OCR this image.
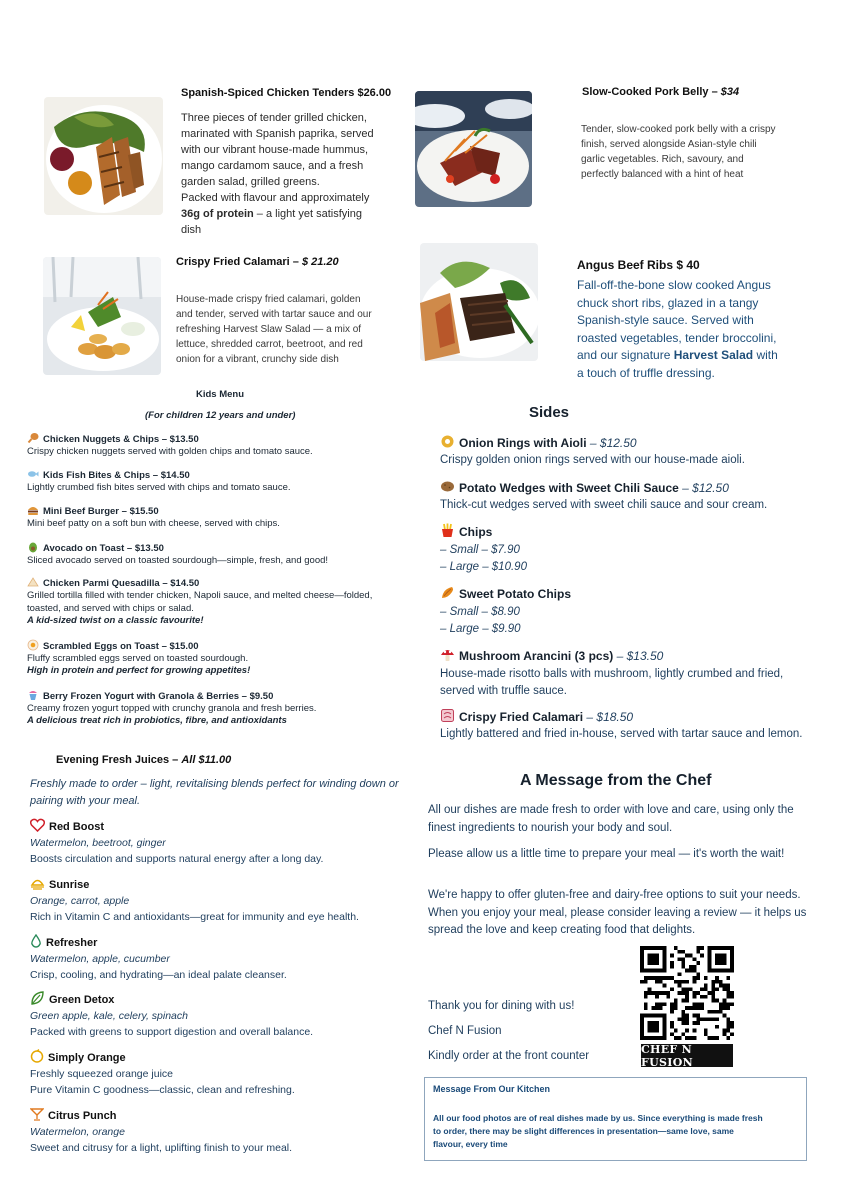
Spanish-Spiced Chicken Tenders $26.00
Three pieces of tender grilled chicken,
marinated with Spanish paprika, served
with our vibrant house-made hummus,
mango cardamom sauce, and a fresh
garden salad, grilled greens.
Packed with flavour and approximately
36g of protein – a light yet satisfying
dish
Slow-Cooked Pork Belly – $34
Tender, slow-cooked pork belly with a crispy
finish, served alongside Asian-style chili
garlic vegetables. Rich, savoury, and
perfectly balanced with a hint of heat
Crispy Fried Calamari – $ 21.20
House-made crispy fried calamari, golden
and tender, served with tartar sauce and our
refreshing Harvest Slaw Salad — a mix of
lettuce, shredded carrot, beetroot, and red
onion for a vibrant, crunchy side dish
Angus Beef Ribs $ 40
Fall-off-the-bone slow cooked Angus
chuck short ribs, glazed in a tangy
Spanish-style sauce. Served with
roasted vegetables, tender broccolini,
and our signature Harvest Salad with
a touch of truffle dressing.
Kids Menu
(For children 12 years and under)
Chicken Nuggets & Chips – $13.50
Crispy chicken nuggets served with golden chips and tomato sauce.
Kids Fish Bites & Chips – $14.50
Lightly crumbed fish bites served with chips and tomato sauce.
Mini Beef Burger – $15.50
Mini beef patty on a soft bun with cheese, served with chips.
Avocado on Toast – $13.50
Sliced avocado served on toasted sourdough—simple, fresh, and good!
Chicken Parmi Quesadilla – $14.50
Grilled tortilla filled with tender chicken, Napoli sauce, and melted cheese—folded,
toasted, and served with chips or salad.
A kid-sized twist on a classic favourite!
Scrambled Eggs on Toast – $15.00
Fluffy scrambled eggs served on toasted sourdough.
High in protein and perfect for growing appetites!
Berry Frozen Yogurt with Granola & Berries – $9.50
Creamy frozen yogurt topped with crunchy granola and fresh berries.
A delicious treat rich in probiotics, fibre, and antioxidants
Evening Fresh Juices – All $11.00
Freshly made to order – light, revitalising blends perfect for winding down or
pairing with your meal.
Red Boost
Watermelon, beetroot, ginger
Boosts circulation and supports natural energy after a long day.
Sunrise
Orange, carrot, apple
Rich in Vitamin C and antioxidants—great for immunity and eye health.
Refresher
Watermelon, apple, cucumber
Crisp, cooling, and hydrating—an ideal palate cleanser.
Green Detox
Green apple, kale, celery, spinach
Packed with greens to support digestion and overall balance.
Simply Orange
Freshly squeezed orange juice
Pure Vitamin C goodness—classic, clean and refreshing.
Citrus Punch
Watermelon, orange
Sweet and citrusy for a light, uplifting finish to your meal.
Sides
Onion Rings with Aioli – $12.50
Crispy golden onion rings served with our house-made aioli.
Potato Wedges with Sweet Chili Sauce – $12.50
Thick-cut wedges served with sweet chili sauce and sour cream.
Chips
– Small – $7.90
– Large – $10.90
Sweet Potato Chips
– Small – $8.90
– Large – $9.90
Mushroom Arancini (3 pcs) – $13.50
House-made risotto balls with mushroom, lightly crumbed and fried,
served with truffle sauce.
Crispy Fried Calamari – $18.50
Lightly battered and fried in-house, served with tartar sauce and lemon.
A Message from the Chef
All our dishes are made fresh to order with love and care, using only the
finest ingredients to nourish your body and soul.
Please allow us a little time to prepare your meal — it's worth the wait!
We're happy to offer gluten-free and dairy-free options to suit your needs.
When you enjoy your meal, please consider leaving a review — it helps us
spread the love and keep creating food that delights.
Thank you for dining with us!
Chef N Fusion
Kindly order at the front counter
CHEF N FUSION
Message From Our Kitchen
All our food photos are of real dishes made by us. Since everything is made fresh
to order, there may be slight differences in presentation—same love, same
flavour, every time
